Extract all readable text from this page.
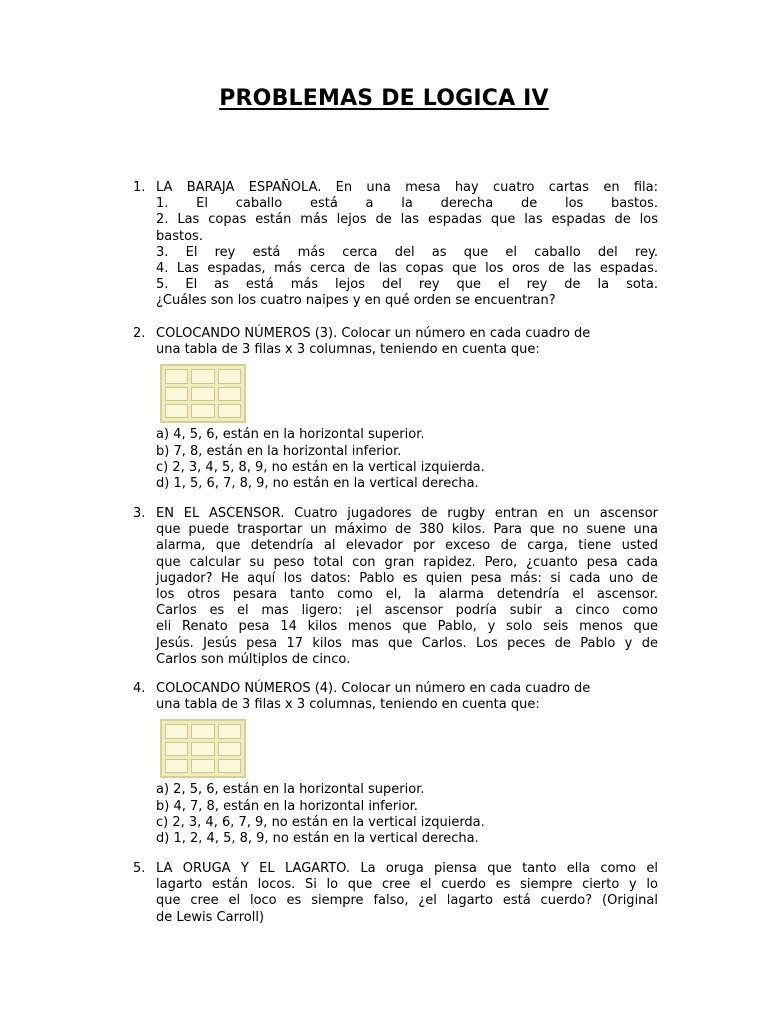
PROBLEMAS DE LOGICA IV
1. LA BARAJA ESPAÑOLA. En una mesa hay cuatro cartas en fila:
1. El caballo está a la derecha de los bastos.
2. Las copas están más lejos de las espadas que las espadas de los
bastos.
3. El rey está más cerca del as que el caballo del rey.
4. Las espadas, más cerca de las copas que los oros de las espadas.
5. El as está más lejos del rey que el rey de la sota.
¿Cuáles son los cuatro naipes y en qué orden se encuentran?
2. COLOCANDO NÚMEROS (3). Colocar un número en cada cuadro de
una tabla de 3 filas x 3 columnas, teniendo en cuenta que:
a) 4, 5, 6, están en la horizontal superior.
b) 7, 8, están en la horizontal inferior.
c) 2, 3, 4, 5, 8, 9, no están en la vertical izquierda.
d) 1, 5, 6, 7, 8, 9, no están en la vertical derecha.
3. EN EL ASCENSOR. Cuatro jugadores de rugby entran en un ascensor
que puede trasportar un máximo de 380 kilos. Para que no suene una
alarma, que detendría al elevador por exceso de carga, tiene usted
que calcular su peso total con gran rapidez. Pero, ¿cuanto pesa cada
jugador? He aquí los datos: Pablo es quien pesa más: si cada uno de
los otros pesara tanto como el, la alarma detendría el ascensor.
Carlos es el mas ligero: ¡el ascensor podría subir a cinco como
eli Renato pesa 14 kilos menos que Pablo, y solo seis menos que
Jesús. Jesús pesa 17 kilos mas que Carlos. Los peces de Pablo y de
Carlos son múltiplos de cinco.
4. COLOCANDO NÚMEROS (4). Colocar un número en cada cuadro de
una tabla de 3 filas x 3 columnas, teniendo en cuenta que:
a) 2, 5, 6, están en la horizontal superior.
b) 4, 7, 8, están en la horizontal inferior.
c) 2, 3, 4, 6, 7, 9, no están en la vertical izquierda.
d) 1, 2, 4, 5, 8, 9, no están en la vertical derecha.
5. LA ORUGA Y EL LAGARTO. La oruga piensa que tanto ella como el
lagarto están locos. Si lo que cree el cuerdo es siempre cierto y lo
que cree el loco es siempre falso, ¿el lagarto está cuerdo? (Original
de Lewis Carroll)
